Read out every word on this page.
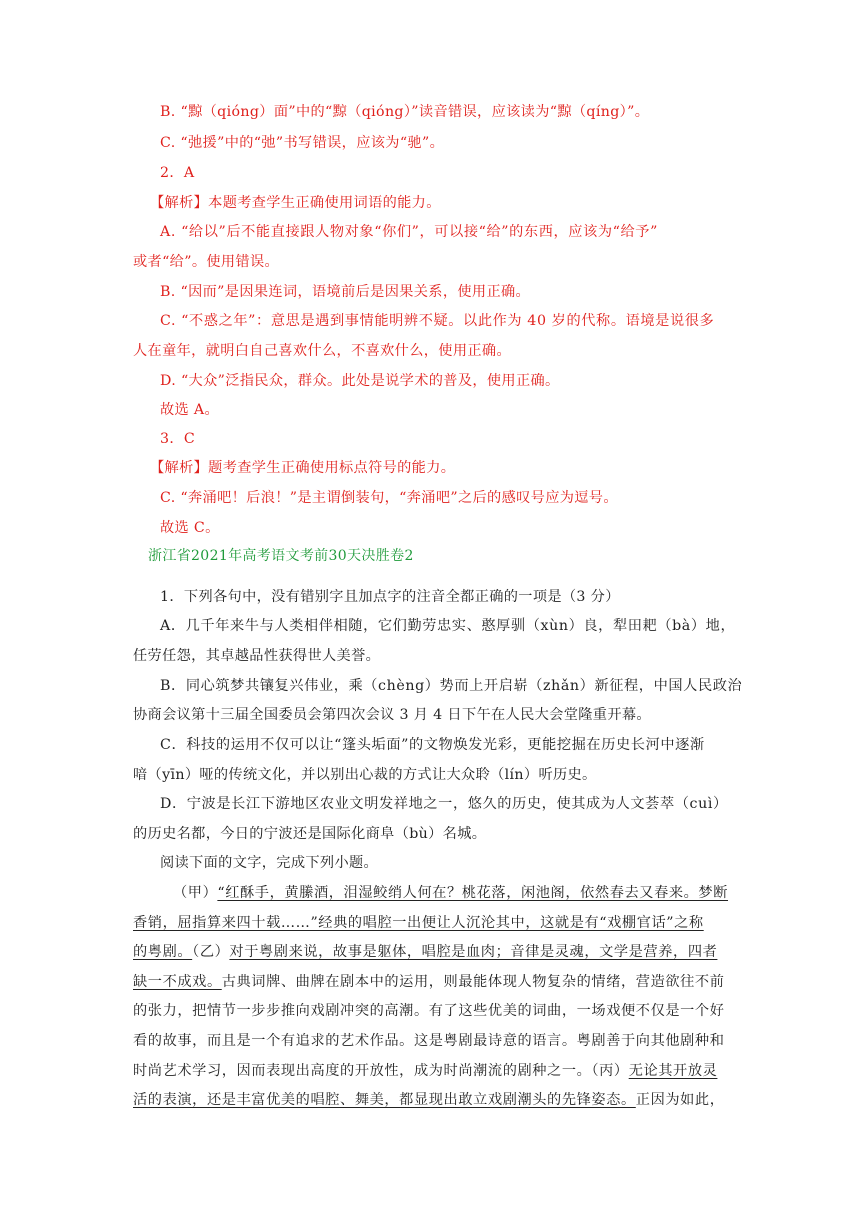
B. “黥（qióng）面”中的“黥（qióng）”读音错误，应该读为“黥（qíng）”。
C. “弛援”中的“弛”书写错误，应该为“驰”。
2．A
【解析】本题考查学生正确使用词语的能力。
A. “给以”后不能直接跟人物对象“你们”，可以接“给”的东西，应该为“给予”
或者“给”。使用错误。
B. “因而”是因果连词，语境前后是因果关系，使用正确。
C. “不惑之年”：意思是遇到事情能明辨不疑。以此作为 40 岁的代称。语境是说很多
人在童年，就明白自己喜欢什么，不喜欢什么，使用正确。
D. “大众”泛指民众，群众。此处是说学术的普及，使用正确。
故选 A。
3．C
【解析】题考查学生正确使用标点符号的能力。
C. “奔涌吧！后浪！”是主谓倒装句，“奔涌吧”之后的感叹号应为逗号。
故选 C。
浙江省2021年高考语文考前30天决胜卷2
1．下列各句中，没有错别字且加点字的注音全都正确的一项是（3 分）
A．几千年来牛与人类相伴相随，它们勤劳忠实、憨厚驯（xùn）良，犁田耙（bà）地，
任劳任怨，其卓越品性获得世人美誉。
B．同心筑梦共镶复兴伟业，乘（chèng）势而上开启崭（zhǎn）新征程，中国人民政治
协商会议第十三届全国委员会第四次会议 3 月 4 日下午在人民大会堂隆重开幕。
C．科技的运用不仅可以让“篷头垢面”的文物焕发光彩，更能挖掘在历史长河中逐渐
喑（yīn）哑的传统文化，并以别出心裁的方式让大众聆（lín）听历史。
D．宁波是长江下游地区农业文明发祥地之一，悠久的历史，使其成为人文荟萃（cuì）
的历史名都，今日的宁波还是国际化商阜（bù）名城。
阅读下面的文字，完成下列小题。
（甲）“红酥手，黄縢酒，泪湿鲛绡人何在？桃花落，闲池阁，依然春去又春来。梦断
香销，屈指算来四十载……”经典的唱腔一出便让人沉沦其中，这就是有“戏棚官话”之称
的粤剧。（乙）对于粤剧来说，故事是躯体，唱腔是血肉；音律是灵魂，文学是营养，四者
缺一不成戏。古典词牌、曲牌在剧本中的运用，则最能体现人物复杂的情绪，营造欲往不前
的张力，把情节一步步推向戏剧冲突的高潮。有了这些优美的词曲，一场戏便不仅是一个好
看的故事，而且是一个有追求的艺术作品。这是粤剧最诗意的语言。粤剧善于向其他剧种和
时尚艺术学习，因而表现出高度的开放性，成为时尚潮流的剧种之一。（丙）无论其开放灵
活的表演，还是丰富优美的唱腔、舞美，都显现出敢立戏剧潮头的先锋姿态。正因为如此，
